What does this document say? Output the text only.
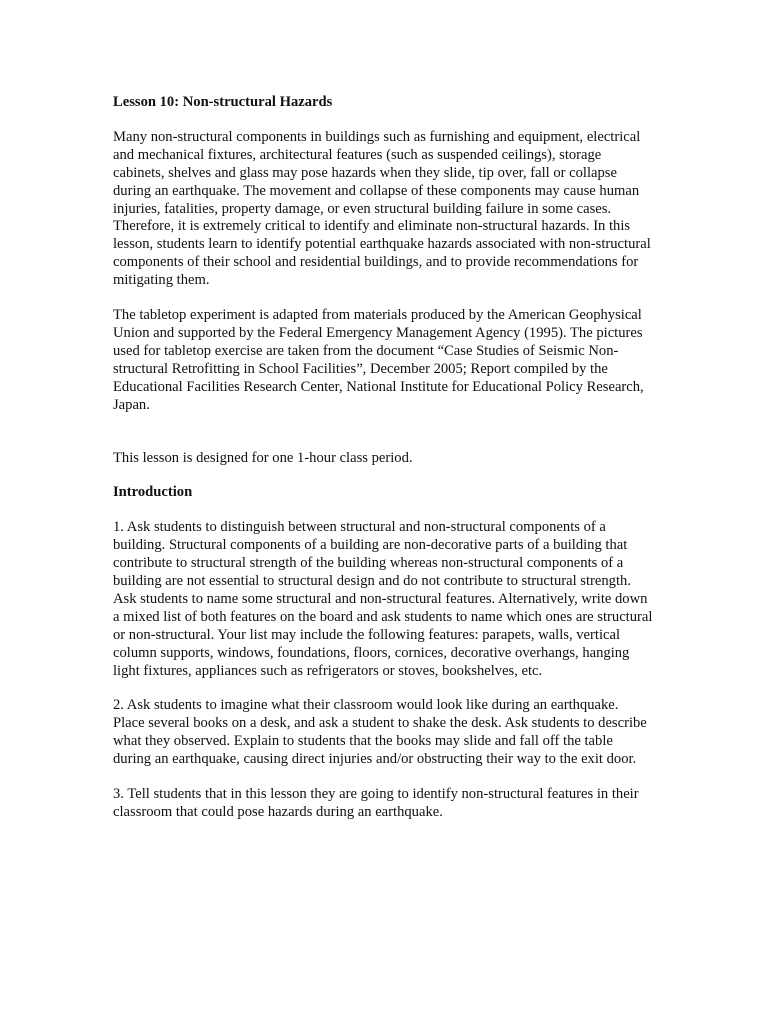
Lesson 10: Non-structural Hazards

Many non-structural components in buildings such as furnishing and equipment, electrical and mechanical fixtures, architectural features (such as suspended ceilings), storage cabinets, shelves and glass may pose hazards when they slide, tip over, fall or collapse during an earthquake. The movement and collapse of these components may cause human injuries, fatalities, property damage, or even structural building failure in some cases. Therefore, it is extremely critical to identify and eliminate non-structural hazards. In this lesson, students learn to identify potential earthquake hazards associated with non-structural components of their school and residential buildings, and to provide recommendations for mitigating them.

The tabletop experiment is adapted from materials produced by the American Geophysical Union and supported by the Federal Emergency Management Agency (1995). The pictures used for tabletop exercise are taken from the document “Case Studies of Seismic Non-structural Retrofitting in School Facilities”, December 2005; Report compiled by the Educational Facilities Research Center, National Institute for Educational Policy Research, Japan.

This lesson is designed for one 1-hour class period.

Introduction

1. Ask students to distinguish between structural and non-structural components of a building. Structural components of a building are non-decorative parts of a building that contribute to structural strength of the building whereas non-structural components of a building are not essential to structural design and do not contribute to structural strength. Ask students to name some structural and non-structural features. Alternatively, write down a mixed list of both features on the board and ask students to name which ones are structural or non-structural. Your list may include the following features: parapets, walls, vertical column supports, windows, foundations, floors, cornices, decorative overhangs, hanging light fixtures, appliances such as refrigerators or stoves, bookshelves, etc.

2. Ask students to imagine what their classroom would look like during an earthquake. Place several books on a desk, and ask a student to shake the desk. Ask students to describe what they observed. Explain to students that the books may slide and fall off the table during an earthquake, causing direct injuries and/or obstructing their way to the exit door.

3. Tell students that in this lesson they are going to identify non-structural features in their classroom that could pose hazards during an earthquake.
